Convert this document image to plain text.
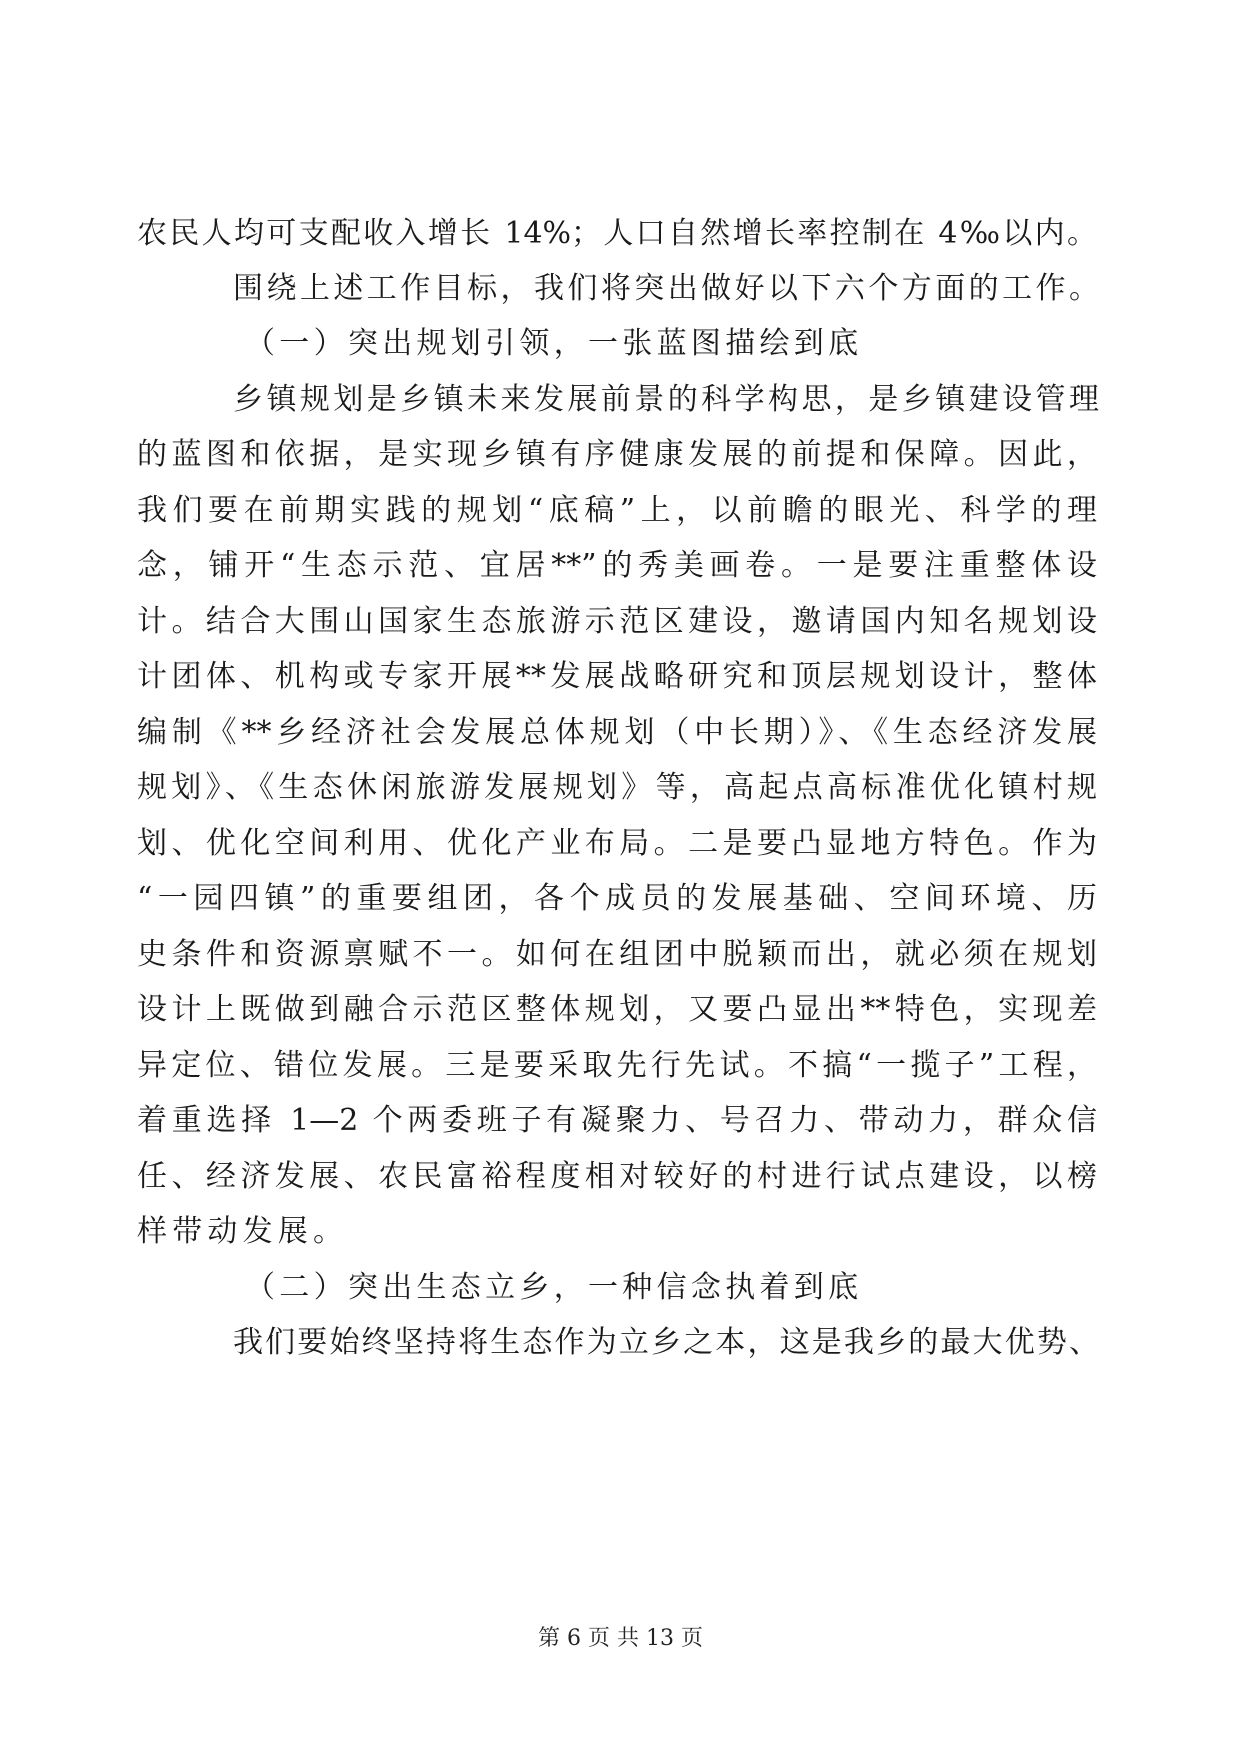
农民人均可支配收入增长 14%；人口自然增长率控制在 4‰以内。
围绕上述工作目标，我们将突出做好以下六个方面的工作。
（一）突出规划引领，一张蓝图描绘到底
乡镇规划是乡镇未来发展前景的科学构思，是乡镇建设管理
的蓝图和依据，是实现乡镇有序健康发展的前提和保障。因此，
我们要在前期实践的规划“底稿”上，以前瞻的眼光、科学的理
念，铺开“生态示范、宜居**”的秀美画卷。一是要注重整体设
计。结合大围山国家生态旅游示范区建设，邀请国内知名规划设
计团体、机构或专家开展**发展战略研究和顶层规划设计，整体
编制《**乡经济社会发展总体规划（中长期）》、《生态经济发展
规划》、《生态休闲旅游发展规划》等，高起点高标准优化镇村规
划、优化空间利用、优化产业布局。二是要凸显地方特色。作为
“一园四镇”的重要组团，各个成员的发展基础、空间环境、历
史条件和资源禀赋不一。如何在组团中脱颖而出，就必须在规划
设计上既做到融合示范区整体规划，又要凸显出**特色，实现差
异定位、错位发展。三是要采取先行先试。不搞“一揽子”工程，
着重选择 1—2 个两委班子有凝聚力、号召力、带动力，群众信
任、经济发展、农民富裕程度相对较好的村进行试点建设，以榜
样带动发展。
（二）突出生态立乡，一种信念执着到底
我们要始终坚持将生态作为立乡之本，这是我乡的最大优势、
第 6 页 共 13 页
